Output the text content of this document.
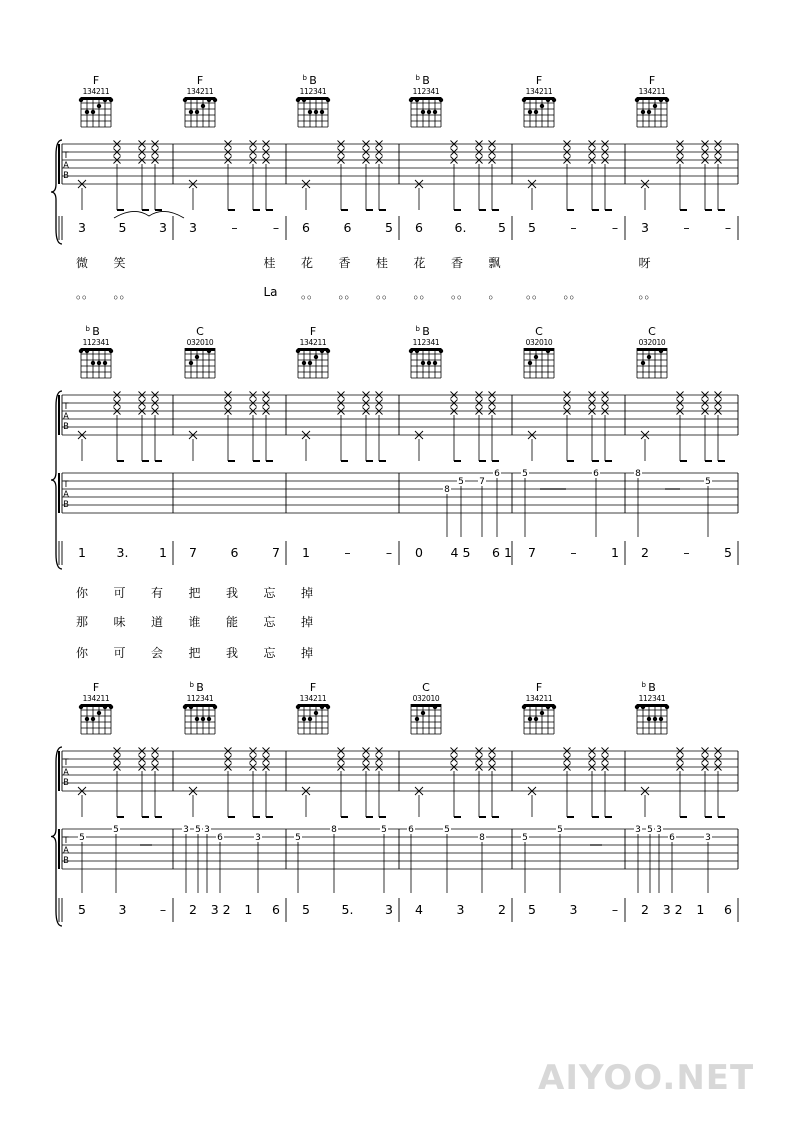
F
134211
F
134211
b B
112341
b B
112341
F
134211
F
134211
T
A
B
3	5	3 3	–	– 6	6	5 6	6.	5 5	–	– 3	–	–
b B
112341
C
032010
F
134211
b B
112341
C
032010
C
032010
T
A
B
T
A
B
8
5 7
6 5	6	8
5
1 3. 1 7	6	7 1	–	– 0 4 5 6 1 7	–	1 2	–	5
F
134211
b B
112341
F
134211
C
032010
F
134211
b B
112341
T
A
B
T
A
B
5
5	3 5 3
6	3	5
8	5 6	5
8	5
5	3 5 3
6	3
5	3	– 2 3 2 1 6 5	5.	3 4	3	2 5	3	– 2 3 2 1 6
微 笑	桂 花 香 桂 花 香 飘	呀
。。 。。	La 。。 。。 。。 。。 。。 。 。。 。。	。。
你 可 有 把 我 忘 掉
那 味 道 谁 能 忘 掉
你 可 会 把 我 忘 掉
AIYOO.NET
